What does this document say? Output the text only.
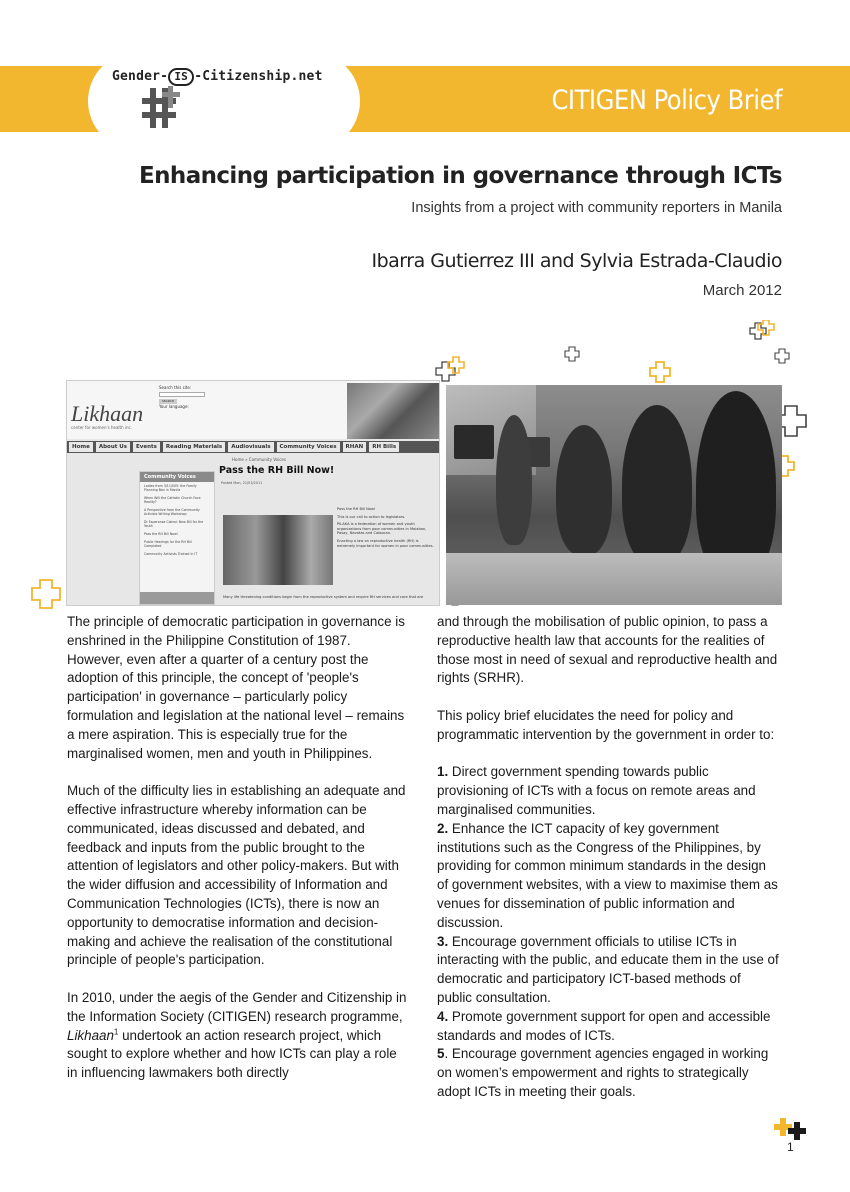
Gender- IS -Citizenship.net
CITIGEN Policy Brief
Enhancing participation in governance through ICTs
Insights from a project with community reporters in Manila
Ibarra Gutierrez III and Sylvia Estrada-Claudio
March 2012
Likhaan
center for women's health inc.
Search this site:
SEARCH
Your language:
Home	About Us	Events	Reading Materials	Audiovisuals	Community Voices	RHAN	RH Bills
Home » Community Voices
Community Voices
Ladies from 3/11/005: the Family Planning Ban in Manila
When Will the Catholic Church Face Reality?
A Perspective from the Community Activists Writing Workshop
Dr Esperanza Cabral: New Bill for the Youth
Pass the RH Bill Now!
Public Hearings for the RH Bill Completed
Community Activists Trained in IT
Pass the RH Bill Now!
Posted Mon, 21/03/2011

Pass the RH Bill Now!

This is our call to action to legislators.

PILAKA is a federation of women and youth organizations from poor communities in Malabon, Pasay, Navotas and Caloocan.

Enacting a law on reproductive health (RH) is extremely important for women in poor communities.

Many life threatening conditions begin from the reproductive system and require RH services and care that are

The principle of democratic participation in governance is enshrined in the Philippine Constitution of 1987. However, even after a quarter of a century post the adoption of this principle, the concept of 'people's participation' in governance – particularly policy formulation and legislation at the national level – remains a mere aspiration. This is especially true for the marginalised women, men and youth in Philippines.

Much of the difficulty lies in establishing an adequate and effective infrastructure whereby information can be communicated, ideas discussed and debated, and feedback and inputs from the public brought to the attention of legislators and other policy-makers. But with the wider diffusion and accessibility of Information and Communication Technologies (ICTs), there is now an opportunity to democratise information and decision-making and achieve the realisation of the constitutional principle of people's participation.

In 2010, under the aegis of the Gender and Citizenship in the Information Society (CITIGEN) research programme, Likhaan$^1$ undertook an action research project, which sought to explore whether and how ICTs can play a role in influencing lawmakers both directly

and through the mobilisation of public opinion, to pass a reproductive health law that accounts for the realities of those most in need of sexual and reproductive health and rights (SRHR).

This policy brief elucidates the need for policy and programmatic intervention by the government in order to:

1. Direct government spending towards public provisioning of ICTs with a focus on remote areas and marginalised communities.
2. Enhance the ICT capacity of key government institutions such as the Congress of the Philippines, by providing for common minimum standards in the design of government websites, with a view to maximise them as venues for dissemination of public information and discussion.
3. Encourage government officials to utilise ICTs in interacting with the public, and educate them in the use of democratic and participatory ICT-based methods of public consultation.
4. Promote government support for open and accessible standards and modes of ICTs.
5. Encourage government agencies engaged in working on women’s empowerment and rights to strategically adopt ICTs in meeting their goals.
1
